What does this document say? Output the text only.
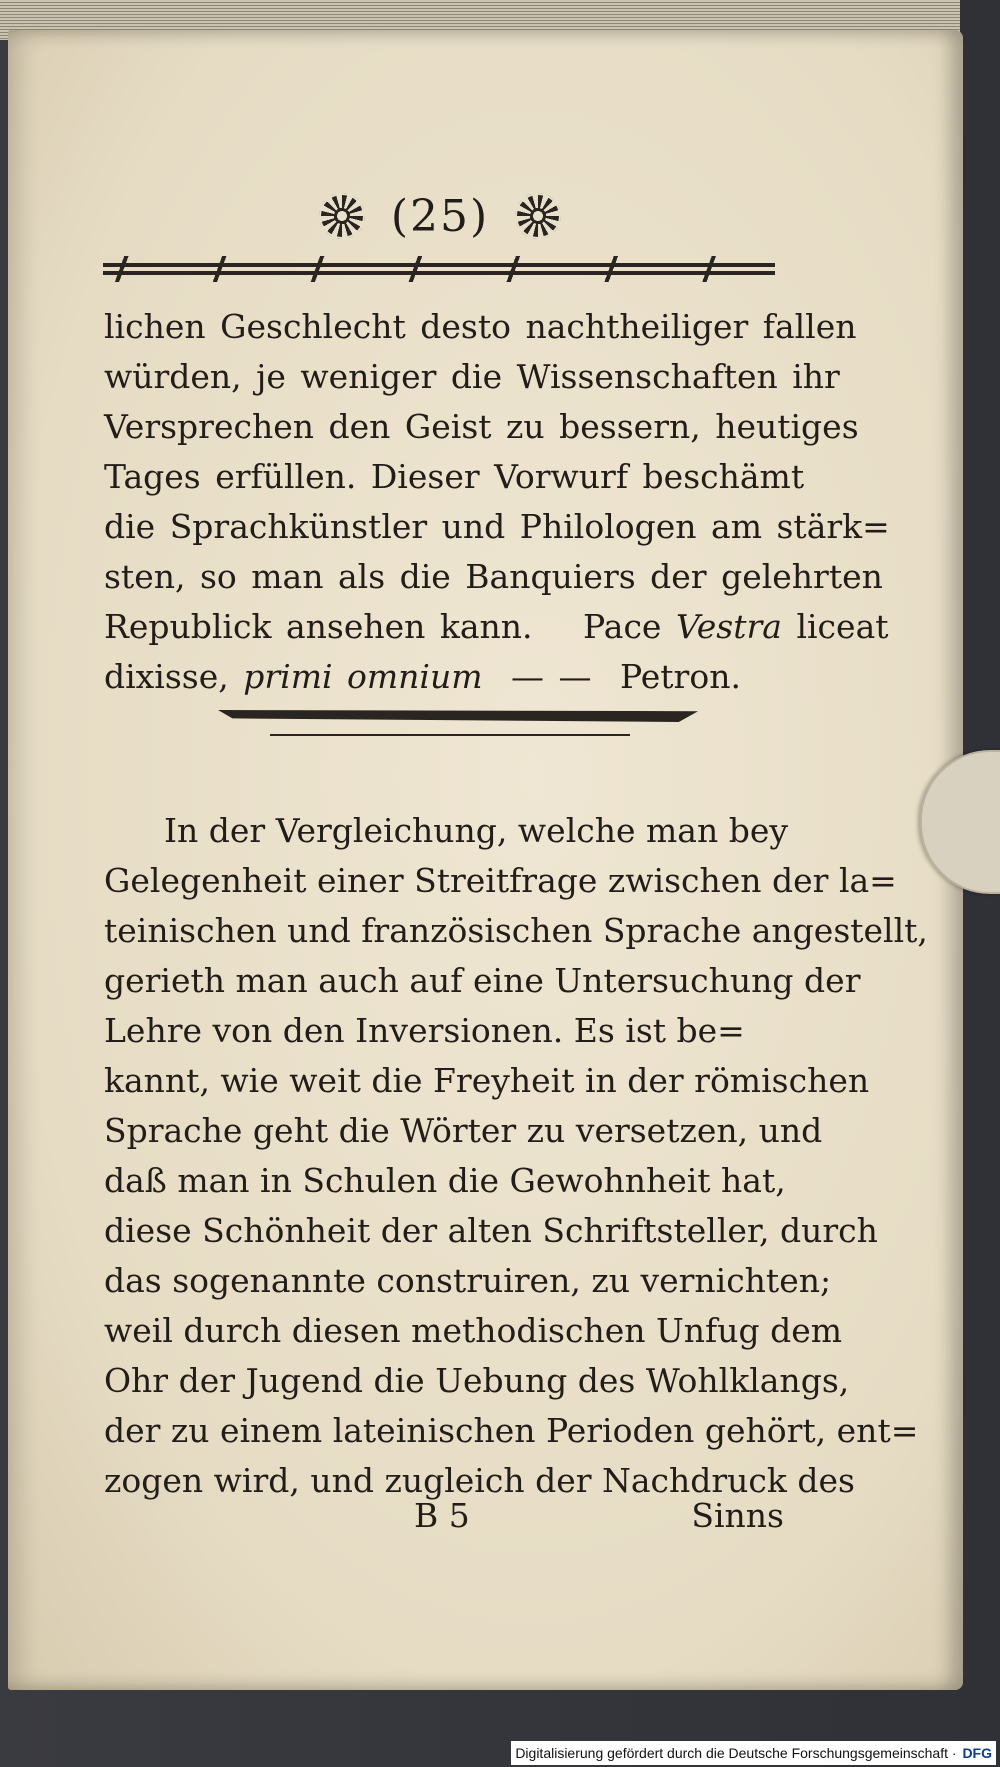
(25)
lichen Geschlecht desto nachtheiliger fallen
würden, je weniger die Wissenschaften ihr
Versprechen den Geist zu bessern, heutiges
Tages erfüllen. Dieser Vorwurf beschämt
die Sprachkünstler und Philologen am stärk=
sten, so man als die Banquiers der gelehrten
Republick ansehen kann. Pace Vestra liceat
dixisse, primi omnium — — Petron.
In der Vergleichung, welche man bey
Gelegenheit einer Streitfrage zwischen der la=
teinischen und französischen Sprache angestellt,
gerieth man auch auf eine Untersuchung der
Lehre von den Inversionen. Es ist be=
kannt, wie weit die Freyheit in der römischen
Sprache geht die Wörter zu versetzen, und
daß man in Schulen die Gewohnheit hat,
diese Schönheit der alten Schriftsteller, durch
das sogenannte construiren, zu vernichten;
weil durch diesen methodischen Unfug dem
Ohr der Jugend die Uebung des Wohlklangs,
der zu einem lateinischen Perioden gehört, ent=
zogen wird, und zugleich der Nachdruck des
B 5	Sinns
Digitalisierung gefördert durch die Deutsche Forschungsgemeinschaft · DFG
